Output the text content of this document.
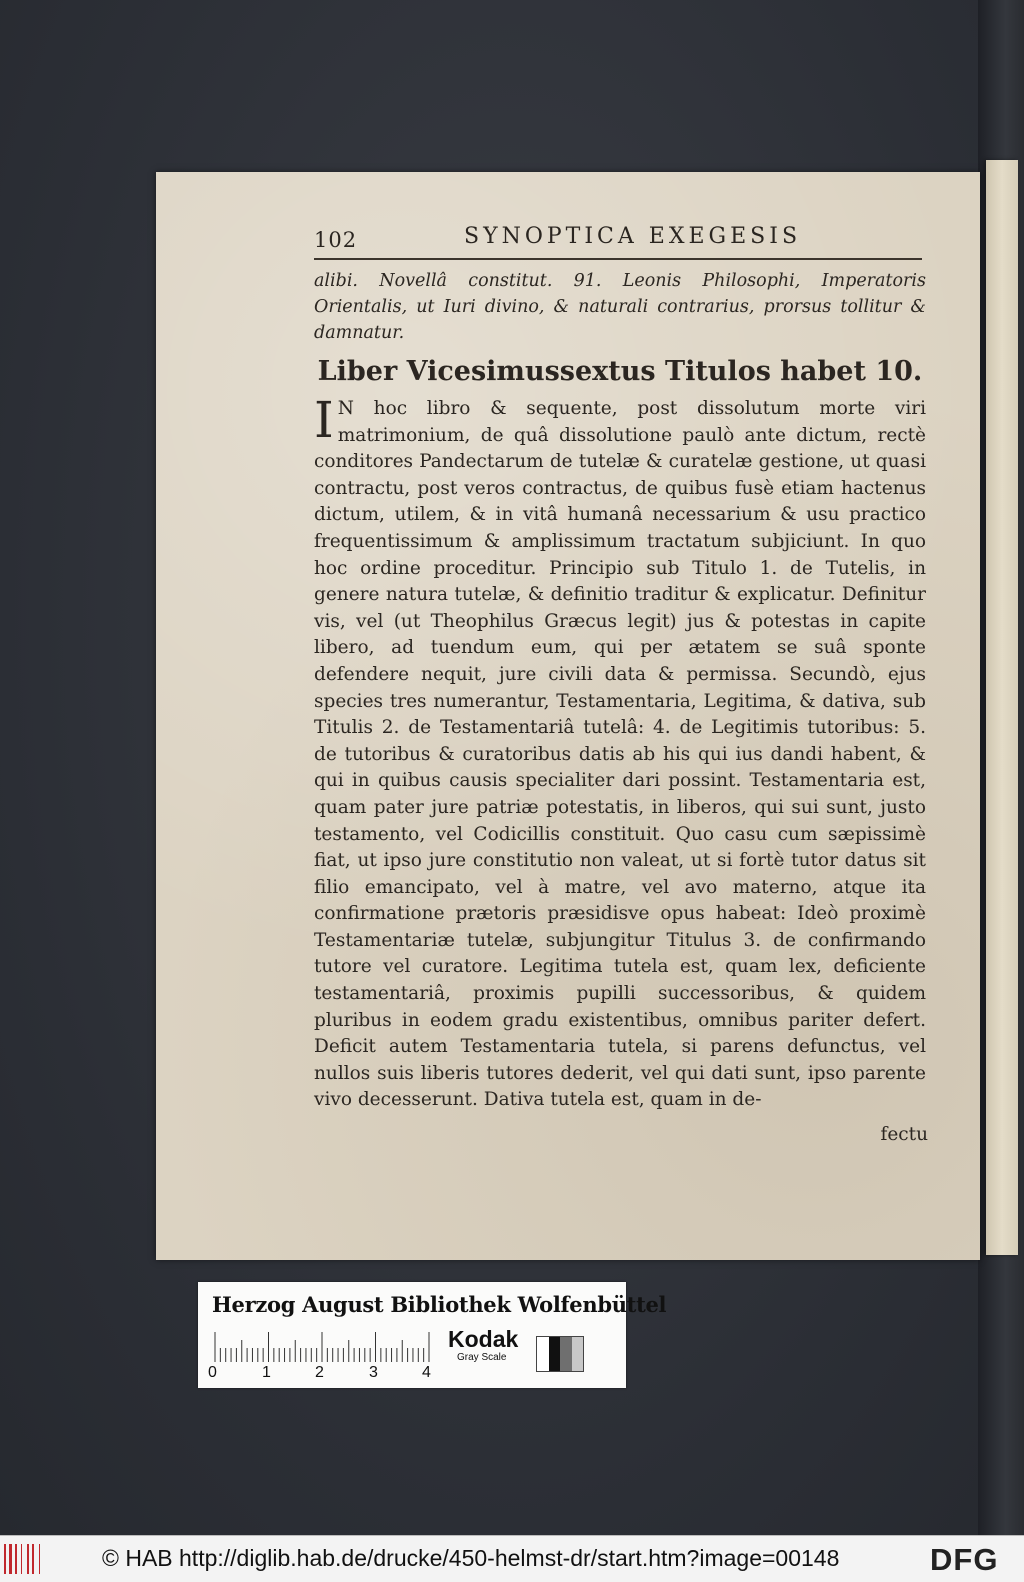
102	SYNOPTICA EXEGESIS

alibi. Novellâ constitut. 91. Leonis Philosophi, Imperatoris Orientalis, ut Iuri divino, & naturali contrarius, prorsus tollitur & damnatur.

Liber Vicesimussextus Titulos habet 10.

I N hoc libro & sequente, post dissolutum morte viri matrimonium, de quâ dissolutione paulò ante dictum, rectè conditores Pandectarum de tutelæ & curatelæ gestione, ut quasi contractu, post veros contractus, de quibus fusè etiam hactenus dictum, utilem, & in vitâ humanâ necessarium & usu practico frequentissimum & amplissimum tractatum subjiciunt. In quo hoc ordine proceditur. Principio sub Titulo 1. de Tutelis, in genere natura tutelæ, & definitio traditur & explicatur. Definitur vis, vel (ut Theophilus Græcus legit) jus & potestas in capite libero, ad tuendum eum, qui per ætatem se suâ sponte defendere nequit, jure civili data & permissa. Secundò, ejus species tres numerantur, Testamentaria, Legitima, & dativa, sub Titulis 2. de Testamentariâ tutelâ: 4. de Legitimis tutoribus: 5. de tutoribus & curatoribus datis ab his qui ius dandi habent, & qui in quibus causis specialiter dari possint. Testamentaria est, quam pater jure patriæ potestatis, in liberos, qui sui sunt, justo testamento, vel Codicillis constituit. Quo casu cum sæpissimè fiat, ut ipso jure constitutio non valeat, ut si fortè tutor datus sit filio emancipato, vel à matre, vel avo materno, atque ita confirmatione prætoris præsidisve opus habeat: Ideò proximè Testamentariæ tutelæ, subjungitur Titulus 3. de confirmando tutore vel curatore. Legitima tutela est, quam lex, deficiente testamentariâ, proximis pupilli successoribus, & quidem pluribus in eodem gradu existentibus, omnibus pariter defert. Deficit autem Testamentaria tutela, si parens defunctus, vel nullos suis liberis tutores dederit, vel qui dati sunt, ipso parente vivo decesserunt. Dativa tutela est, quam in de-

fectu
Herzog August Bibliothek Wolfenbüttel
0	1	2	3	4
Kodak
Gray Scale
© HAB http://diglib.hab.de/drucke/450-helmst-dr/start.htm?image=00148	DFG
